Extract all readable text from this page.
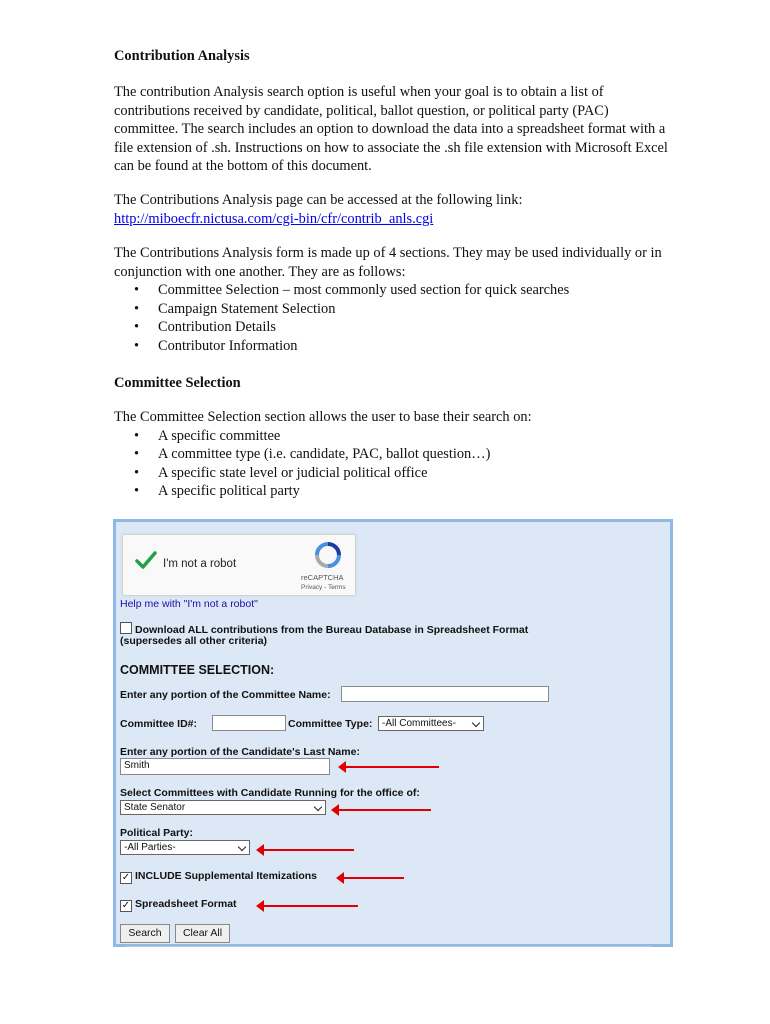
Contribution Analysis

The contribution Analysis search option is useful when your goal is to obtain a list of contributions received by candidate, political, ballot question, or political party (PAC) committee. The search includes an option to download the data into a spreadsheet format with a file extension of .sh. Instructions on how to associate the .sh file extension with Microsoft Excel can be found at the bottom of this document.

The Contributions Analysis page can be accessed at the following link:

http://miboecfr.nictusa.com/cgi-bin/cfr/contrib_anls.cgi

The Contributions Analysis form is made up of 4 sections. They may be used individually or in conjunction with one another. They are as follows:

• Committee Selection – most commonly used section for quick searches
• Campaign Statement Selection
• Contribution Details
• Contributor Information

Committee Selection

The Committee Selection section allows the user to base their search on:

• A specific committee
• A committee type (i.e. candidate, PAC, ballot question…)
• A specific state level or judicial political office
• A specific political party
I'm not a robot
reCAPTCHA
Privacy - Terms
Help me with "I'm not a robot"
Download ALL contributions from the Bureau Database in Spreadsheet Format
(supersedes all other criteria)
COMMITTEE SELECTION:
Enter any portion of the Committee Name:
Committee ID#:	Committee Type: -All Committees-
Enter any portion of the Candidate's Last Name:
Smith
Select Committees with Candidate Running for the office of:
State Senator
Political Party:
-All Parties-
✓ INCLUDE Supplemental Itemizations
✓ Spreadsheet Format
Search	Clear All
